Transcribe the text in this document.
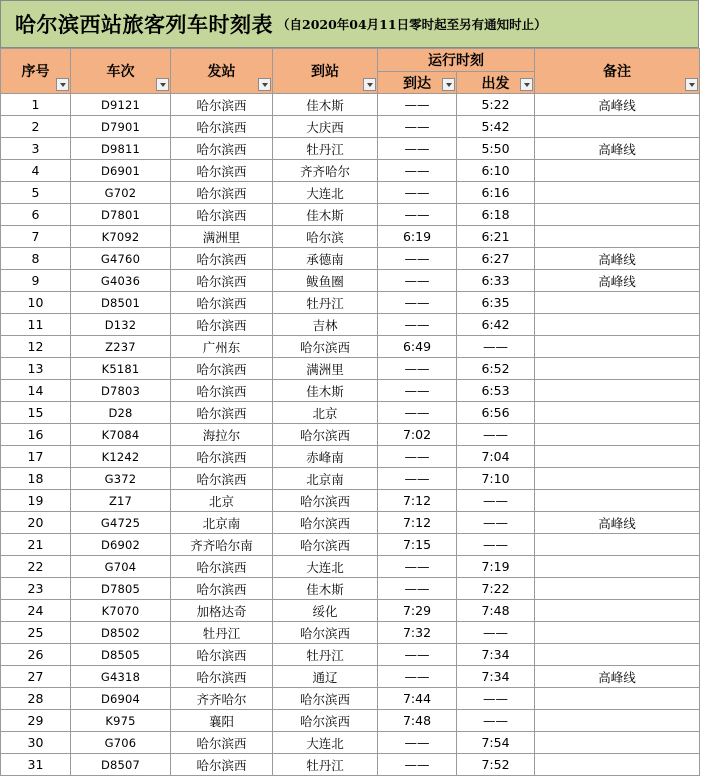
哈尔滨西站旅客列车时刻表 （自2020年04月11日零时起至另有通知时止）
序号	车次	发站	到站	运行时刻		备注

				到达	出发	

1	D9121	哈尔滨西	佳木斯	——	5:22	高峰线
2	D7901	哈尔滨西	大庆西	——	5:42	
3	D9811	哈尔滨西	牡丹江	——	5:50	高峰线
4	D6901	哈尔滨西	齐齐哈尔	——	6:10	
5	G702	哈尔滨西	大连北	——	6:16	
6	D7801	哈尔滨西	佳木斯	——	6:18	
7	K7092	满洲里	哈尔滨	6:19	6:21	
8	G4760	哈尔滨西	承德南	——	6:27	高峰线
9	G4036	哈尔滨西	鲅鱼圈	——	6:33	高峰线
10	D8501	哈尔滨西	牡丹江	——	6:35	
11	D132	哈尔滨西	吉林	——	6:42	
12	Z237	广州东	哈尔滨西	6:49	——	
13	K5181	哈尔滨西	满洲里	——	6:52	
14	D7803	哈尔滨西	佳木斯	——	6:53	
15	D28	哈尔滨西	北京	——	6:56	
16	K7084	海拉尔	哈尔滨西	7:02	——	
17	K1242	哈尔滨西	赤峰南	——	7:04	
18	G372	哈尔滨西	北京南	——	7:10	
19	Z17	北京	哈尔滨西	7:12	——	
20	G4725	北京南	哈尔滨西	7:12	——	高峰线
21	D6902	齐齐哈尔南	哈尔滨西	7:15	——	
22	G704	哈尔滨西	大连北	——	7:19	
23	D7805	哈尔滨西	佳木斯	——	7:22	
24	K7070	加格达奇	绥化	7:29	7:48	
25	D8502	牡丹江	哈尔滨西	7:32	——	
26	D8505	哈尔滨西	牡丹江	——	7:34	
27	G4318	哈尔滨西	通辽	——	7:34	高峰线
28	D6904	齐齐哈尔	哈尔滨西	7:44	——	
29	K975	襄阳	哈尔滨西	7:48	——	
30	G706	哈尔滨西	大连北	——	7:54	
31	D8507	哈尔滨西	牡丹江	——	7:52	
